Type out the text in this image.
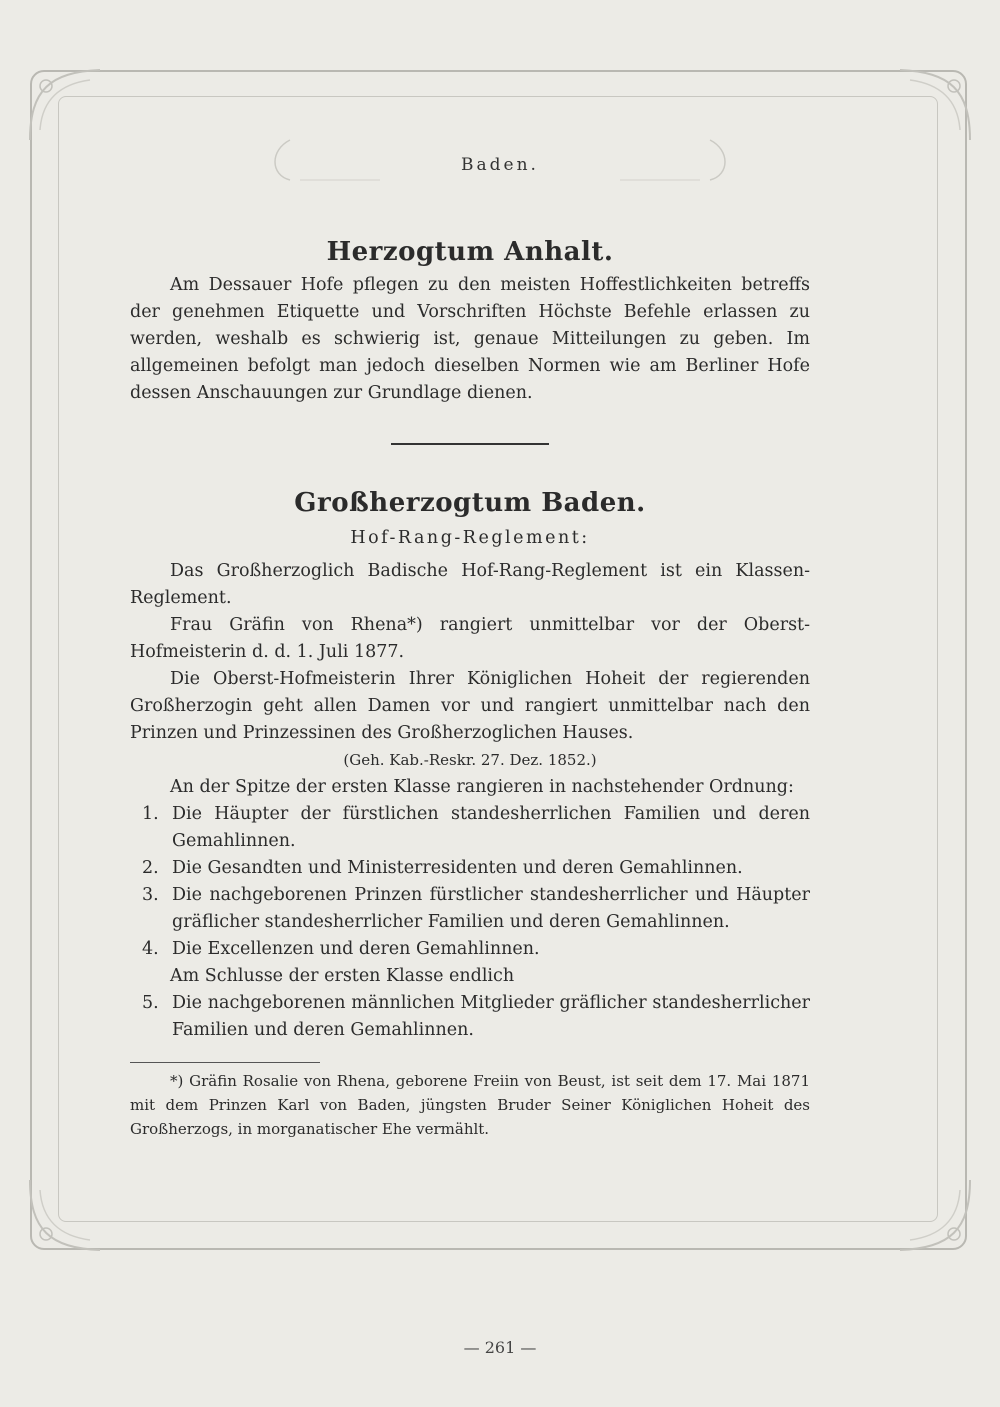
Baden.
Herzogtum Anhalt.

Am Dessauer Hofe pflegen zu den meisten Hoffestlichkeiten betreffs der genehmen Etiquette und Vorschriften Höchste Befehle erlassen zu werden, weshalb es schwierig ist, genaue Mitteilungen zu geben. Im allgemeinen befolgt man jedoch dieselben Normen wie am Berliner Hofe dessen Anschauungen zur Grundlage dienen.

Großherzogtum Baden.
Hof-Rang-Reglement:

Das Großherzoglich Badische Hof-Rang-Reglement ist ein Klassen-Reglement.

Frau Gräfin von Rhena*) rangiert unmittelbar vor der Oberst-Hofmeisterin d. d. 1. Juli 1877.

Die Oberst-Hofmeisterin Ihrer Königlichen Hoheit der regierenden Großherzogin geht allen Damen vor und rangiert unmittelbar nach den Prinzen und Prinzessinen des Großherzoglichen Hauses.

(Geh. Kab.-Reskr. 27. Dez. 1852.)

An der Spitze der ersten Klasse rangieren in nachstehender Ordnung:

1. Die Häupter der fürstlichen standesherrlichen Familien und deren Gemahlinnen.
2. Die Gesandten und Ministerresidenten und deren Gemahlinnen.
3. Die nachgeborenen Prinzen fürstlicher standesherrlicher und Häupter gräflicher standesherrlicher Familien und deren Gemahlinnen.
4. Die Excellenzen und deren Gemahlinnen.

Am Schlusse der ersten Klasse endlich

5. Die nachgeborenen männlichen Mitglieder gräflicher standesherrlicher Familien und deren Gemahlinnen.

*) Gräfin Rosalie von Rhena, geborene Freiin von Beust, ist seit dem 17. Mai 1871 mit dem Prinzen Karl von Baden, jüngsten Bruder Seiner Königlichen Hoheit des Großherzogs, in morganatischer Ehe vermählt.

— 261 —
